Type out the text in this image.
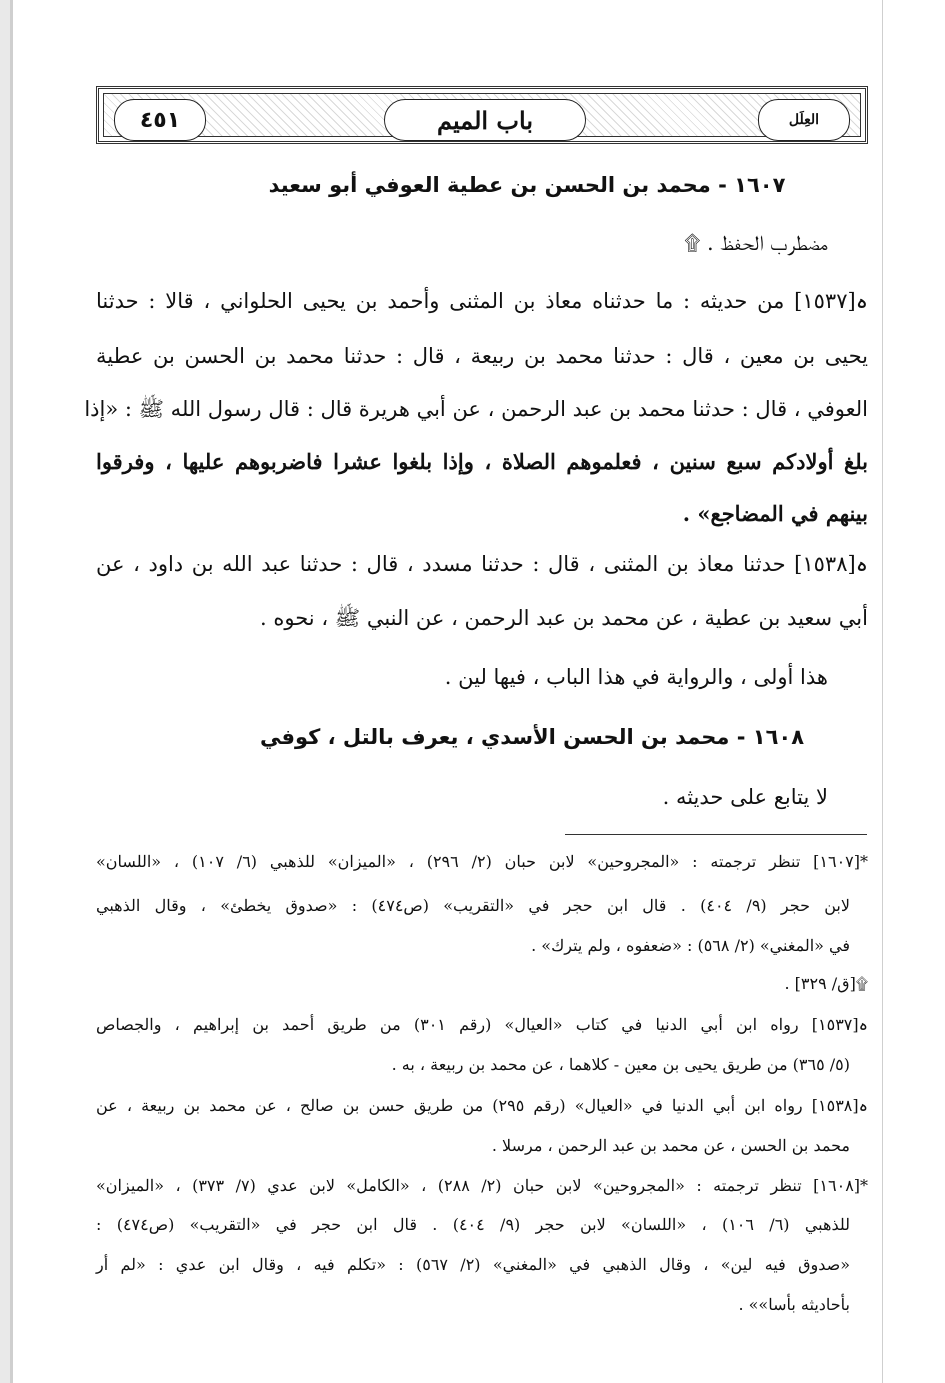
العِلَل
باب الميم
٤٥١
١٦٠٧ - محمد بن الحسن بن عطية العوفي أبو سعيد
مضطرب الحفظ . ۩
ہ[١٥٣٧] من حديثه : ما حدثناه معاذ بن المثنى وأحمد بن يحيى الحلواني ، قالا : حدثنا
يحيى بن معين ، قال : حدثنا محمد بن ربيعة ، قال : حدثنا محمد بن الحسن بن عطية
العوفي ، قال : حدثنا محمد بن عبد الرحمن ، عن أبي هريرة قال : قال رسول الله ﷺ : «إذا
بلغ أولادكم سبع سنين ، فعلموهم الصلاة ، وإذا بلغوا عشرا فاضربوهم عليها ، وفرقوا
بينهم في المضاجع» .
ہ[١٥٣٨] حدثنا معاذ بن المثنى ، قال : حدثنا مسدد ، قال : حدثنا عبد الله بن داود ، عن
أبي سعيد بن عطية ، عن محمد بن عبد الرحمن ، عن النبي ﷺ ، نحوه .
هذا أولى ، والرواية في هذا الباب ، فيها لين .
١٦٠٨ - محمد بن الحسن الأسدي ، يعرف بالتل ، كوفي
لا يتابع على حديثه .
*[١٦٠٧] تنظر ترجمته : «المجروحين» لابن حبان (٢/ ٢٩٦) ، «الميزان» للذهبي (٦/ ١٠٧) ، «اللسان»
لابن حجر (٩/ ٤٠٤) . قال ابن حجر في «التقريب» (ص٤٧٤) : «صدوق يخطئ» ، وقال الذهبي
في «المغني» (٢/ ٥٦٨) : «ضعفوه ، ولم يترك» .
۩[ق/ ٣٢٩] .
ہ[١٥٣٧] رواه ابن أبي الدنيا في كتاب «العيال» (رقم ٣٠١) من طريق أحمد بن إبراهيم ، والجصاص
(٥/ ٣٦٥) من طريق يحيى بن معين - كلاهما ، عن محمد بن ربيعة ، به .
ہ[١٥٣٨] رواه ابن أبي الدنيا في «العيال» (رقم ٢٩٥) من طريق حسن بن صالح ، عن محمد بن ربيعة ، عن
محمد بن الحسن ، عن محمد بن عبد الرحمن ، مرسلا .
*[١٦٠٨] تنظر ترجمته : «المجروحين» لابن حبان (٢/ ٢٨٨) ، «الكامل» لابن عدي (٧/ ٣٧٣) ، «الميزان»
للذهبي (٦/ ١٠٦) ، «اللسان» لابن حجر (٩/ ٤٠٤) . قال ابن حجر في «التقريب» (ص٤٧٤) :
«صدوق فيه لين» ، وقال الذهبي في «المغني» (٢/ ٥٦٧) : «تكلم فيه ، وقال ابن عدي : «لم أر
بأحاديثه بأسا»» .
